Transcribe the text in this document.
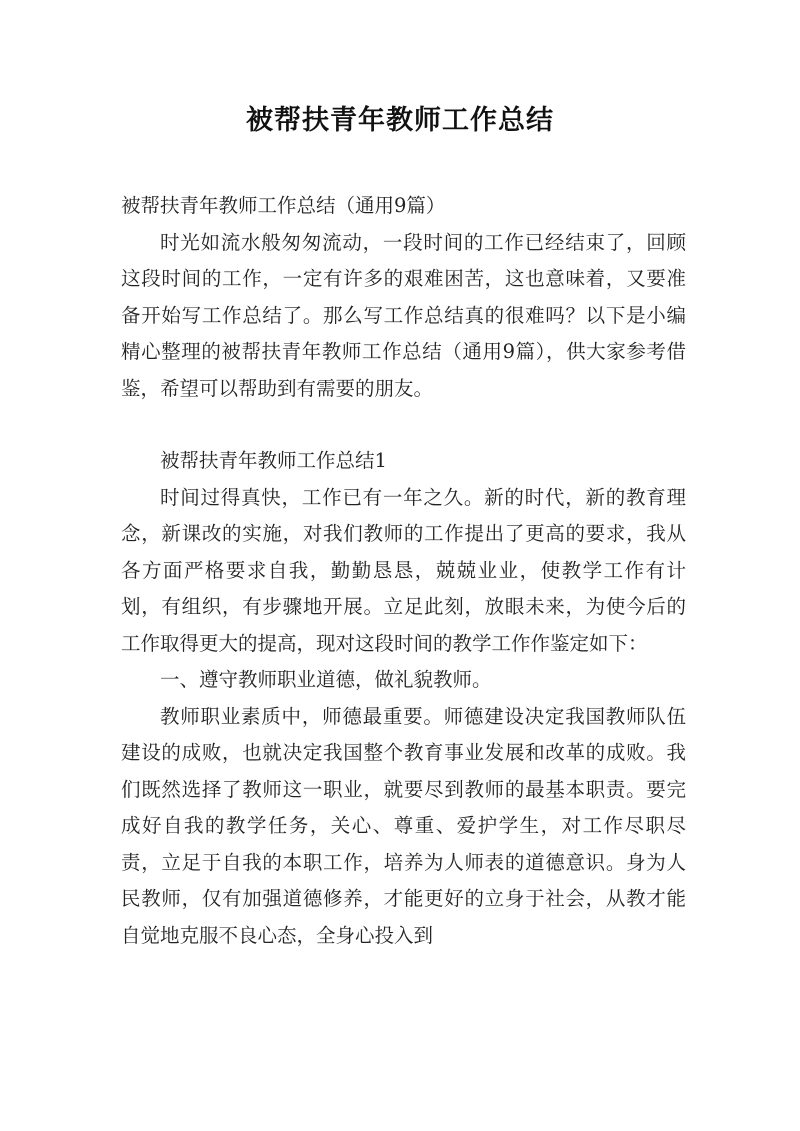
被帮扶青年教师工作总结

被帮扶青年教师工作总结（通用9篇）

时光如流水般匆匆流动，一段时间的工作已经结束了，回顾这段时间的工作，一定有许多的艰难困苦，这也意味着，又要准备开始写工作总结了。那么写工作总结真的很难吗？以下是小编精心整理的被帮扶青年教师工作总结（通用9篇），供大家参考借鉴，希望可以帮助到有需要的朋友。

被帮扶青年教师工作总结1

时间过得真快，工作已有一年之久。新的时代，新的教育理念，新课改的实施，对我们教师的工作提出了更高的要求，我从各方面严格要求自我，勤勤恳恳，兢兢业业，使教学工作有计划，有组织，有步骤地开展。立足此刻，放眼未来，为使今后的工作取得更大的提高，现对这段时间的教学工作作鉴定如下：

一、遵守教师职业道德，做礼貌教师。

教师职业素质中，师德最重要。师德建设决定我国教师队伍建设的成败，也就决定我国整个教育事业发展和改革的成败。我们既然选择了教师这一职业，就要尽到教师的最基本职责。要完成好自我的教学任务，关心、尊重、爱护学生，对工作尽职尽责，立足于自我的本职工作，培养为人师表的道德意识。身为人民教师，仅有加强道德修养，才能更好的立身于社会，从教才能自觉地克服不良心态，全身心投入到
